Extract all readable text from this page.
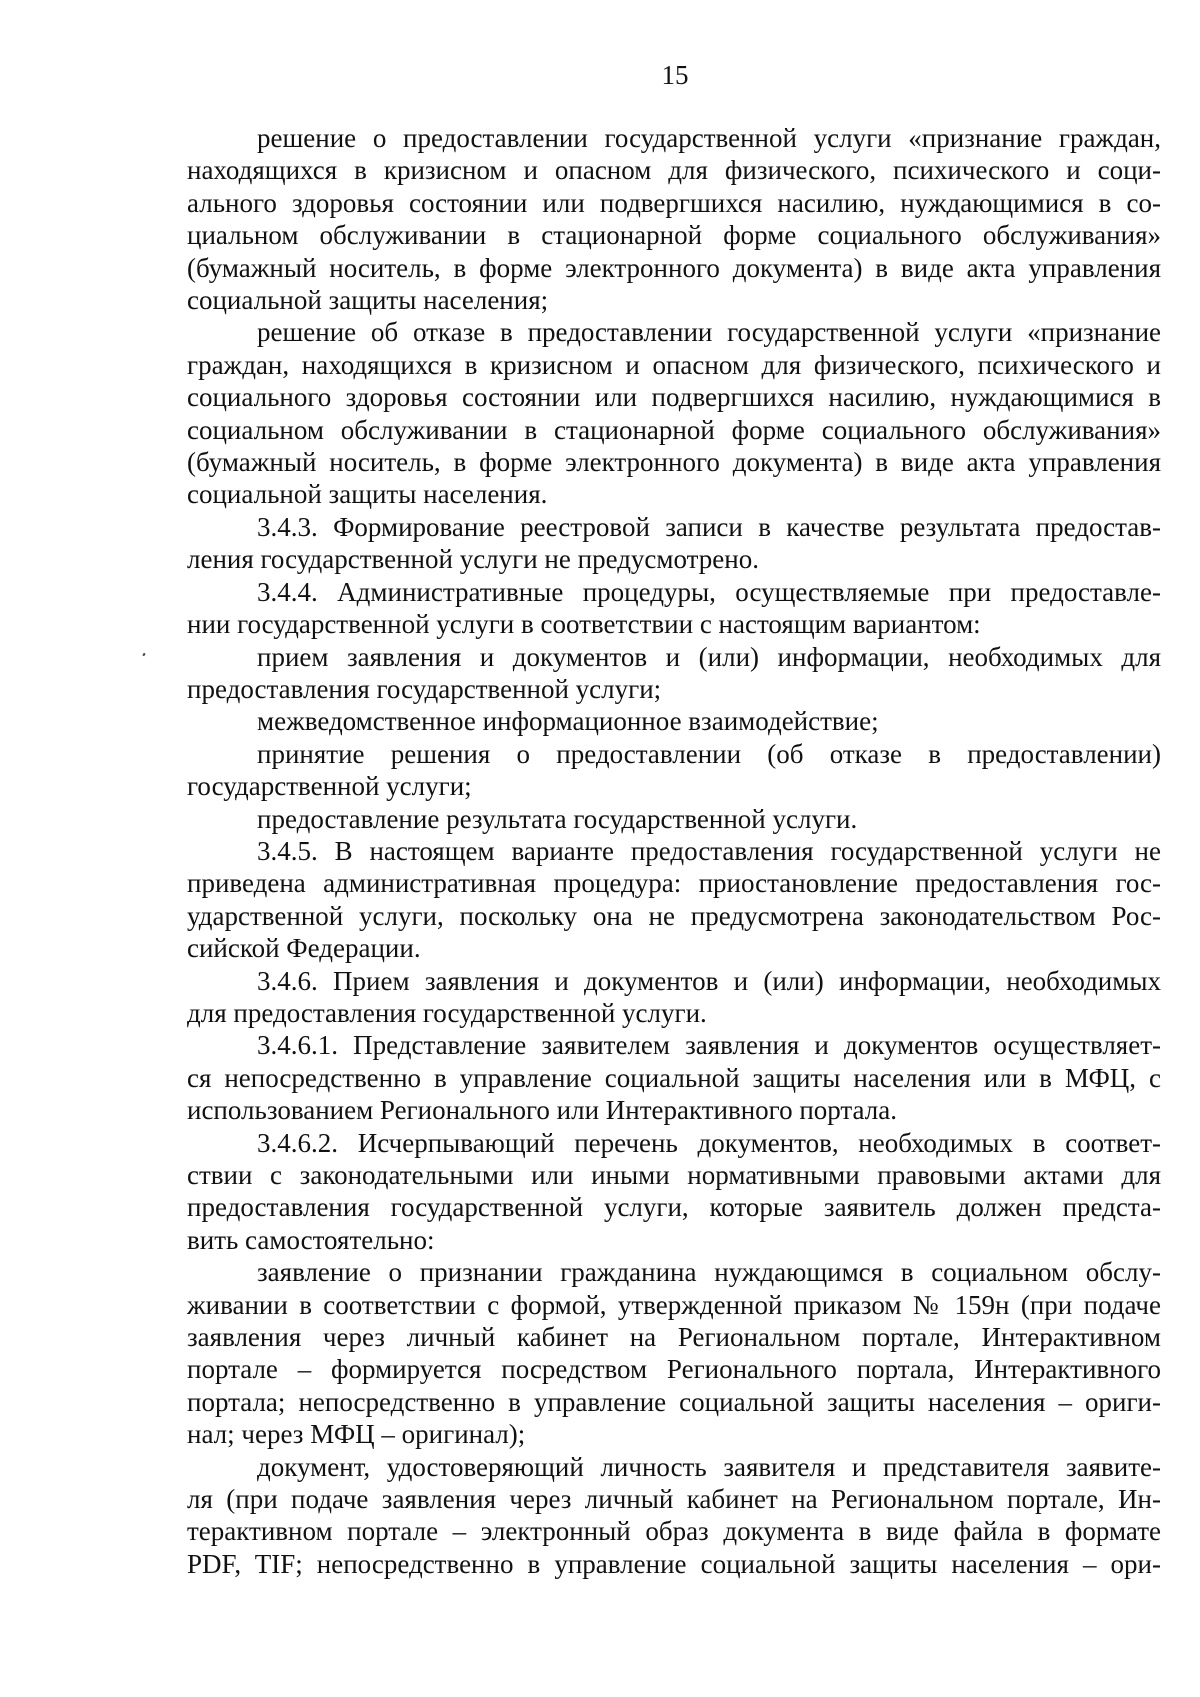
15

решение о предоставлении государственной услуги «признание граждан,
находящихся в кризисном и опасном для физического, психического и соци-
ального здоровья состоянии или подвергшихся насилию, нуждающимися в со-
циальном обслуживании в стационарной форме социального обслуживания»
(бумажный носитель, в форме электронного документа) в виде акта управления
социальной защиты населения;

решение об отказе в предоставлении государственной услуги «признание
граждан, находящихся в кризисном и опасном для физического, психического и
социального здоровья состоянии или подвергшихся насилию, нуждающимися в
социальном обслуживании в стационарной форме социального обслуживания»
(бумажный носитель, в форме электронного документа) в виде акта управления
социальной защиты населения.

3.4.3. Формирование реестровой записи в качестве результата предостав-
ления государственной услуги не предусмотрено.

3.4.4. Административные процедуры, осуществляемые при предоставле-
нии государственной услуги в соответствии с настоящим вариантом:

прием заявления и документов и (или) информации, необходимых для
предоставления государственной услуги;

межведомственное информационное взаимодействие;

принятие решения о предоставлении (об отказе в предоставлении)
государственной услуги;

предоставление результата государственной услуги.

3.4.5. В настоящем варианте предоставления государственной услуги не
приведена административная процедура: приостановление предоставления гос-
ударственной услуги, поскольку она не предусмотрена законодательством Рос-
сийской Федерации.

3.4.6. Прием заявления и документов и (или) информации, необходимых
для предоставления государственной услуги.

3.4.6.1. Представление заявителем заявления и документов осуществляет-
ся непосредственно в управление социальной защиты населения или в МФЦ, с
использованием Регионального или Интерактивного портала.

3.4.6.2. Исчерпывающий перечень документов, необходимых в соответ-
ствии с законодательными или иными нормативными правовыми актами для
предоставления государственной услуги, которые заявитель должен предста-
вить самостоятельно:

заявление о признании гражданина нуждающимся в социальном обслу-
живании в соответствии с формой, утвержденной приказом № 159н (при подаче
заявления через личный кабинет на Региональном портале, Интерактивном
портале – формируется посредством Регионального портала, Интерактивного
портала; непосредственно в управление социальной защиты населения – ориги-
нал; через МФЦ – оригинал);

документ, удостоверяющий личность заявителя и представителя заявите-
ля (при подаче заявления через личный кабинет на Региональном портале, Ин-
терактивном портале – электронный образ документа в виде файла в формате
PDF, TIF; непосредственно в управление социальной защиты населения – ори-
